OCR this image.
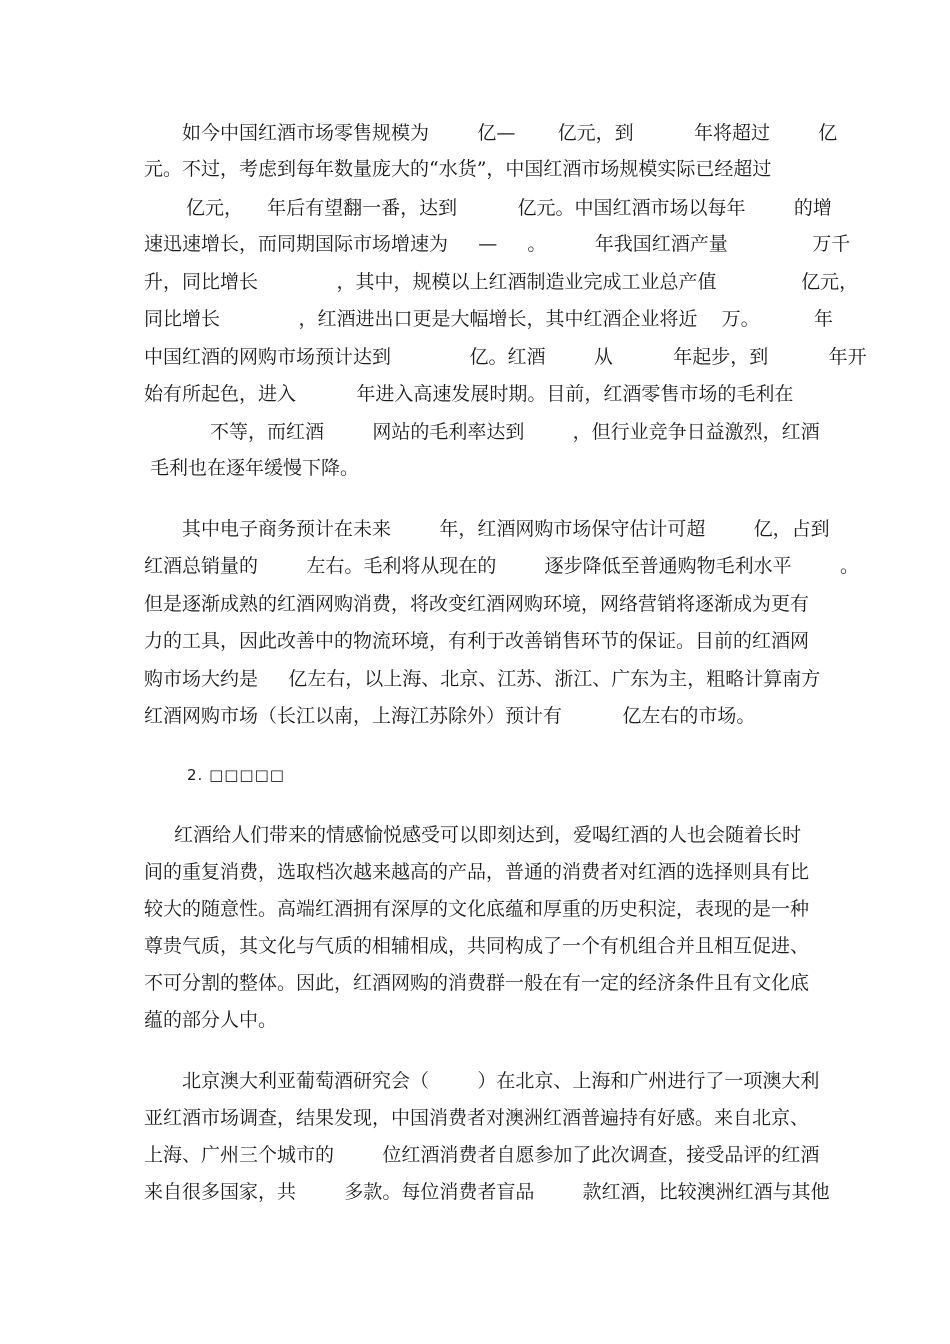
如今中国红酒市场零售规模为        亿—       亿元，到          年将超过        亿
元。不过，考虑到每年数量庞大的“水货”，中国红酒市场规模实际已经超过
亿元，    年后有望翻一番，达到          亿元。中国红酒市场以每年        的增
速迅速增长，而同期国际市场增速为     —     。        年我国红酒产量              万千
升，同比增长             ，其中，规模以上红酒制造业完成工业总产值              亿元，
同比增长             ，红酒进出口更是大幅增长，其中红酒企业将近    万。         年
中国红酒的网购市场预计达到             亿。红酒        从          年起步，到          年开
始有所起色，进入          年进入高速发展时期。目前，红酒零售市场的毛利在
不等，而红酒        网站的毛利率达到        ，但行业竞争日益激烈，红酒
毛利也在逐年缓慢下降。
其中电子商务预计在未来        年，红酒网购市场保守估计可超        亿，占到
红酒总销量的        左右。毛利将从现在的        逐步降低至普通购物毛利水平        。
但是逐渐成熟的红酒网购消费，将改变红酒网购环境，网络营销将逐渐成为更有
力的工具，因此改善中的物流环境，有利于改善销售环节的保证。目前的红酒网
购市场大约是     亿左右，以上海、北京、江苏、浙江、广东为主，粗略计算南方
红酒网购市场（长江以南，上海江苏除外）预计有          亿左右的市场。
2. □□□□□
红酒给人们带来的情感愉悦感受可以即刻达到，爱喝红酒的人也会随着长时
间的重复消费，选取档次越来越高的产品，普通的消费者对红酒的选择则具有比
较大的随意性。高端红酒拥有深厚的文化底蕴和厚重的历史积淀，表现的是一种
尊贵气质，其文化与气质的相辅相成，共同构成了一个有机组合并且相互促进、
不可分割的整体。因此，红酒网购的消费群一般在有一定的经济条件且有文化底
蕴的部分人中。
北京澳大利亚葡萄酒研究会（        ）在北京、上海和广州进行了一项澳大利
亚红酒市场调查，结果发现，中国消费者对澳洲红酒普遍持有好感。来自北京、
上海、广州三个城市的        位红酒消费者自愿参加了此次调查，接受品评的红酒
来自很多国家，共        多款。每位消费者盲品        款红酒，比较澳洲红酒与其他
